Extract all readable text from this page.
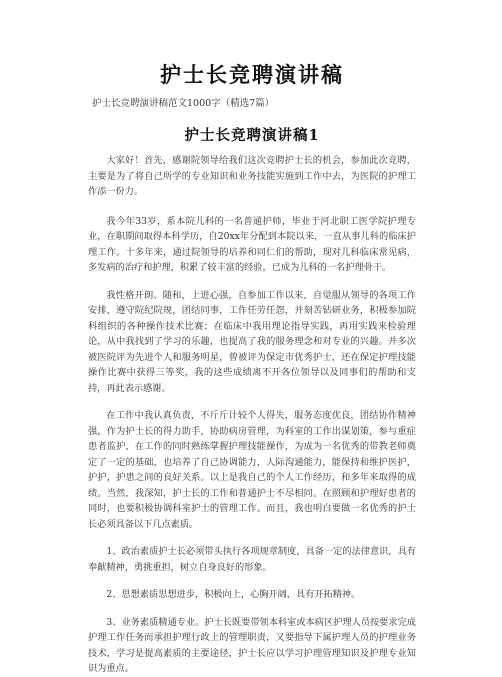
护士长竞聘演讲稿
护士长竞聘演讲稿范文1000字（精选7篇）
护士长竞聘演讲稿1

大家好！首先，感谢院领导给我们这次竞聘护士长的机会，参加此次竞聘，主要是为了将自己所学的专业知识和业务技能实施到工作中去，为医院的护理工作添一份力。

我今年33岁，系本院儿科的一名普通护师，毕业于河北职工医学院护理专业，在职期间取得本科学历，自20xx年分配到本院以来，一直从事儿科的临床护理工作。十多年来，通过院领导的培养和同仁们的帮助，现对儿科临床常见病，多发病的治疗和护理，积累了较丰富的经验，已成为儿科的一名护理骨干。

我性格开朗、随和，上进心强，自参加工作以来，自觉服从领导的各项工作安排，遵守院纪院规，团结同事，工作任劳任怨，并刻苦钻研业务，积极参加院科组织的各种操作技术比赛；在临床中我用理论指导实践，再用实践来检验理论，从中我找到了学习的乐趣，也提高了我的服务理念和对专业的兴趣。并多次被医院评为先进个人和服务明星，曾被评为保定市优秀护士，还在保定护理技能操作比赛中获得三等奖，我的这些成绩离不开各位领导以及同事们的帮助和支持，再此表示感谢。

在工作中我认真负责，不斤斤计较个人得失，服务态度优良，团结协作精神强，作为护士长的得力助手，协助病房管理，为科室的工作出谋划策，参与重症患者监护，在工作的同时熟练掌握护理技能操作，为成为一名优秀的带教老师奠定了一定的基础，也培养了自己协调能力，人际沟通能力，能保持和维护医护，护护，护患之间的良好关系。以上是我自己的个人工作经历，和多年来取得的成绩。当然，我深知，护士长的工作和普通护士不尽相同。在照顾和护理好患者的同时，也要积极协调科室护士的管理工作。而且，我也明白要做一名优秀的护士长必须具备以下几点素质。

1、政治素质护士长必须带头执行各项规章制度，具备一定的法律意识，具有奉献精神，勇挑重担，树立自身良好的形象。

2、思想素质思想进步，积极向上，心胸开阔，具有开拓精神。

3、业务素质精通专业。护士长既要带领本科室或本病区护理人员按要求完成护理工作任务而承担护理行政上的管理职责，又要指导下属护理人员的护理业务技术，学习是提高素质的主要途径，护士长应以学习护理管理知识及护理专业知识为重点。
